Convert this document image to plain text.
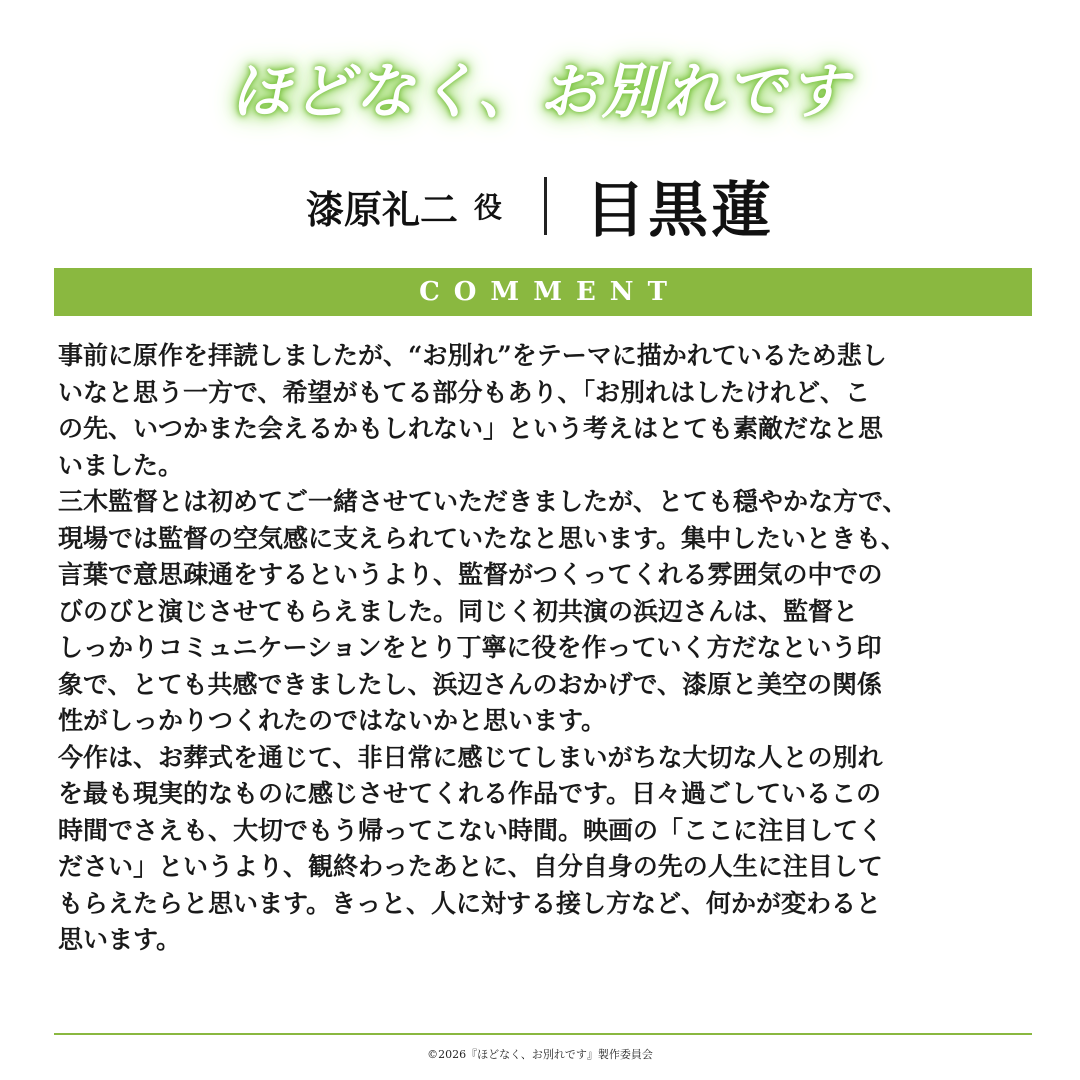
ほどなく、お別れです
漆原礼二 役 目黒蓮
COMMENT
事前に原作を拝読しましたが、“お別れ”をテーマに描かれているため悲し
いなと思う一方で、希望がもてる部分もあり、「お別れはしたけれど、こ
の先、いつかまた会えるかもしれない」という考えはとても素敵だなと思
いました。
三木監督とは初めてご一緒させていただきましたが、とても穏やかな方で、
現場では監督の空気感に支えられていたなと思います。集中したいときも、
言葉で意思疎通をするというより、監督がつくってくれる雰囲気の中での
びのびと演じさせてもらえました。同じく初共演の浜辺さんは、監督と
しっかりコミュニケーションをとり丁寧に役を作っていく方だなという印
象で、とても共感できましたし、浜辺さんのおかげで、漆原と美空の関係
性がしっかりつくれたのではないかと思います。
今作は、お葬式を通じて、非日常に感じてしまいがちな大切な人との別れ
を最も現実的なものに感じさせてくれる作品です。日々過ごしているこの
時間でさえも、大切でもう帰ってこない時間。映画の「ここに注目してく
ださい」というより、観終わったあとに、自分自身の先の人生に注目して
もらえたらと思います。きっと、人に対する接し方など、何かが変わると
思います。
©2026『ほどなく、お別れです』製作委員会
